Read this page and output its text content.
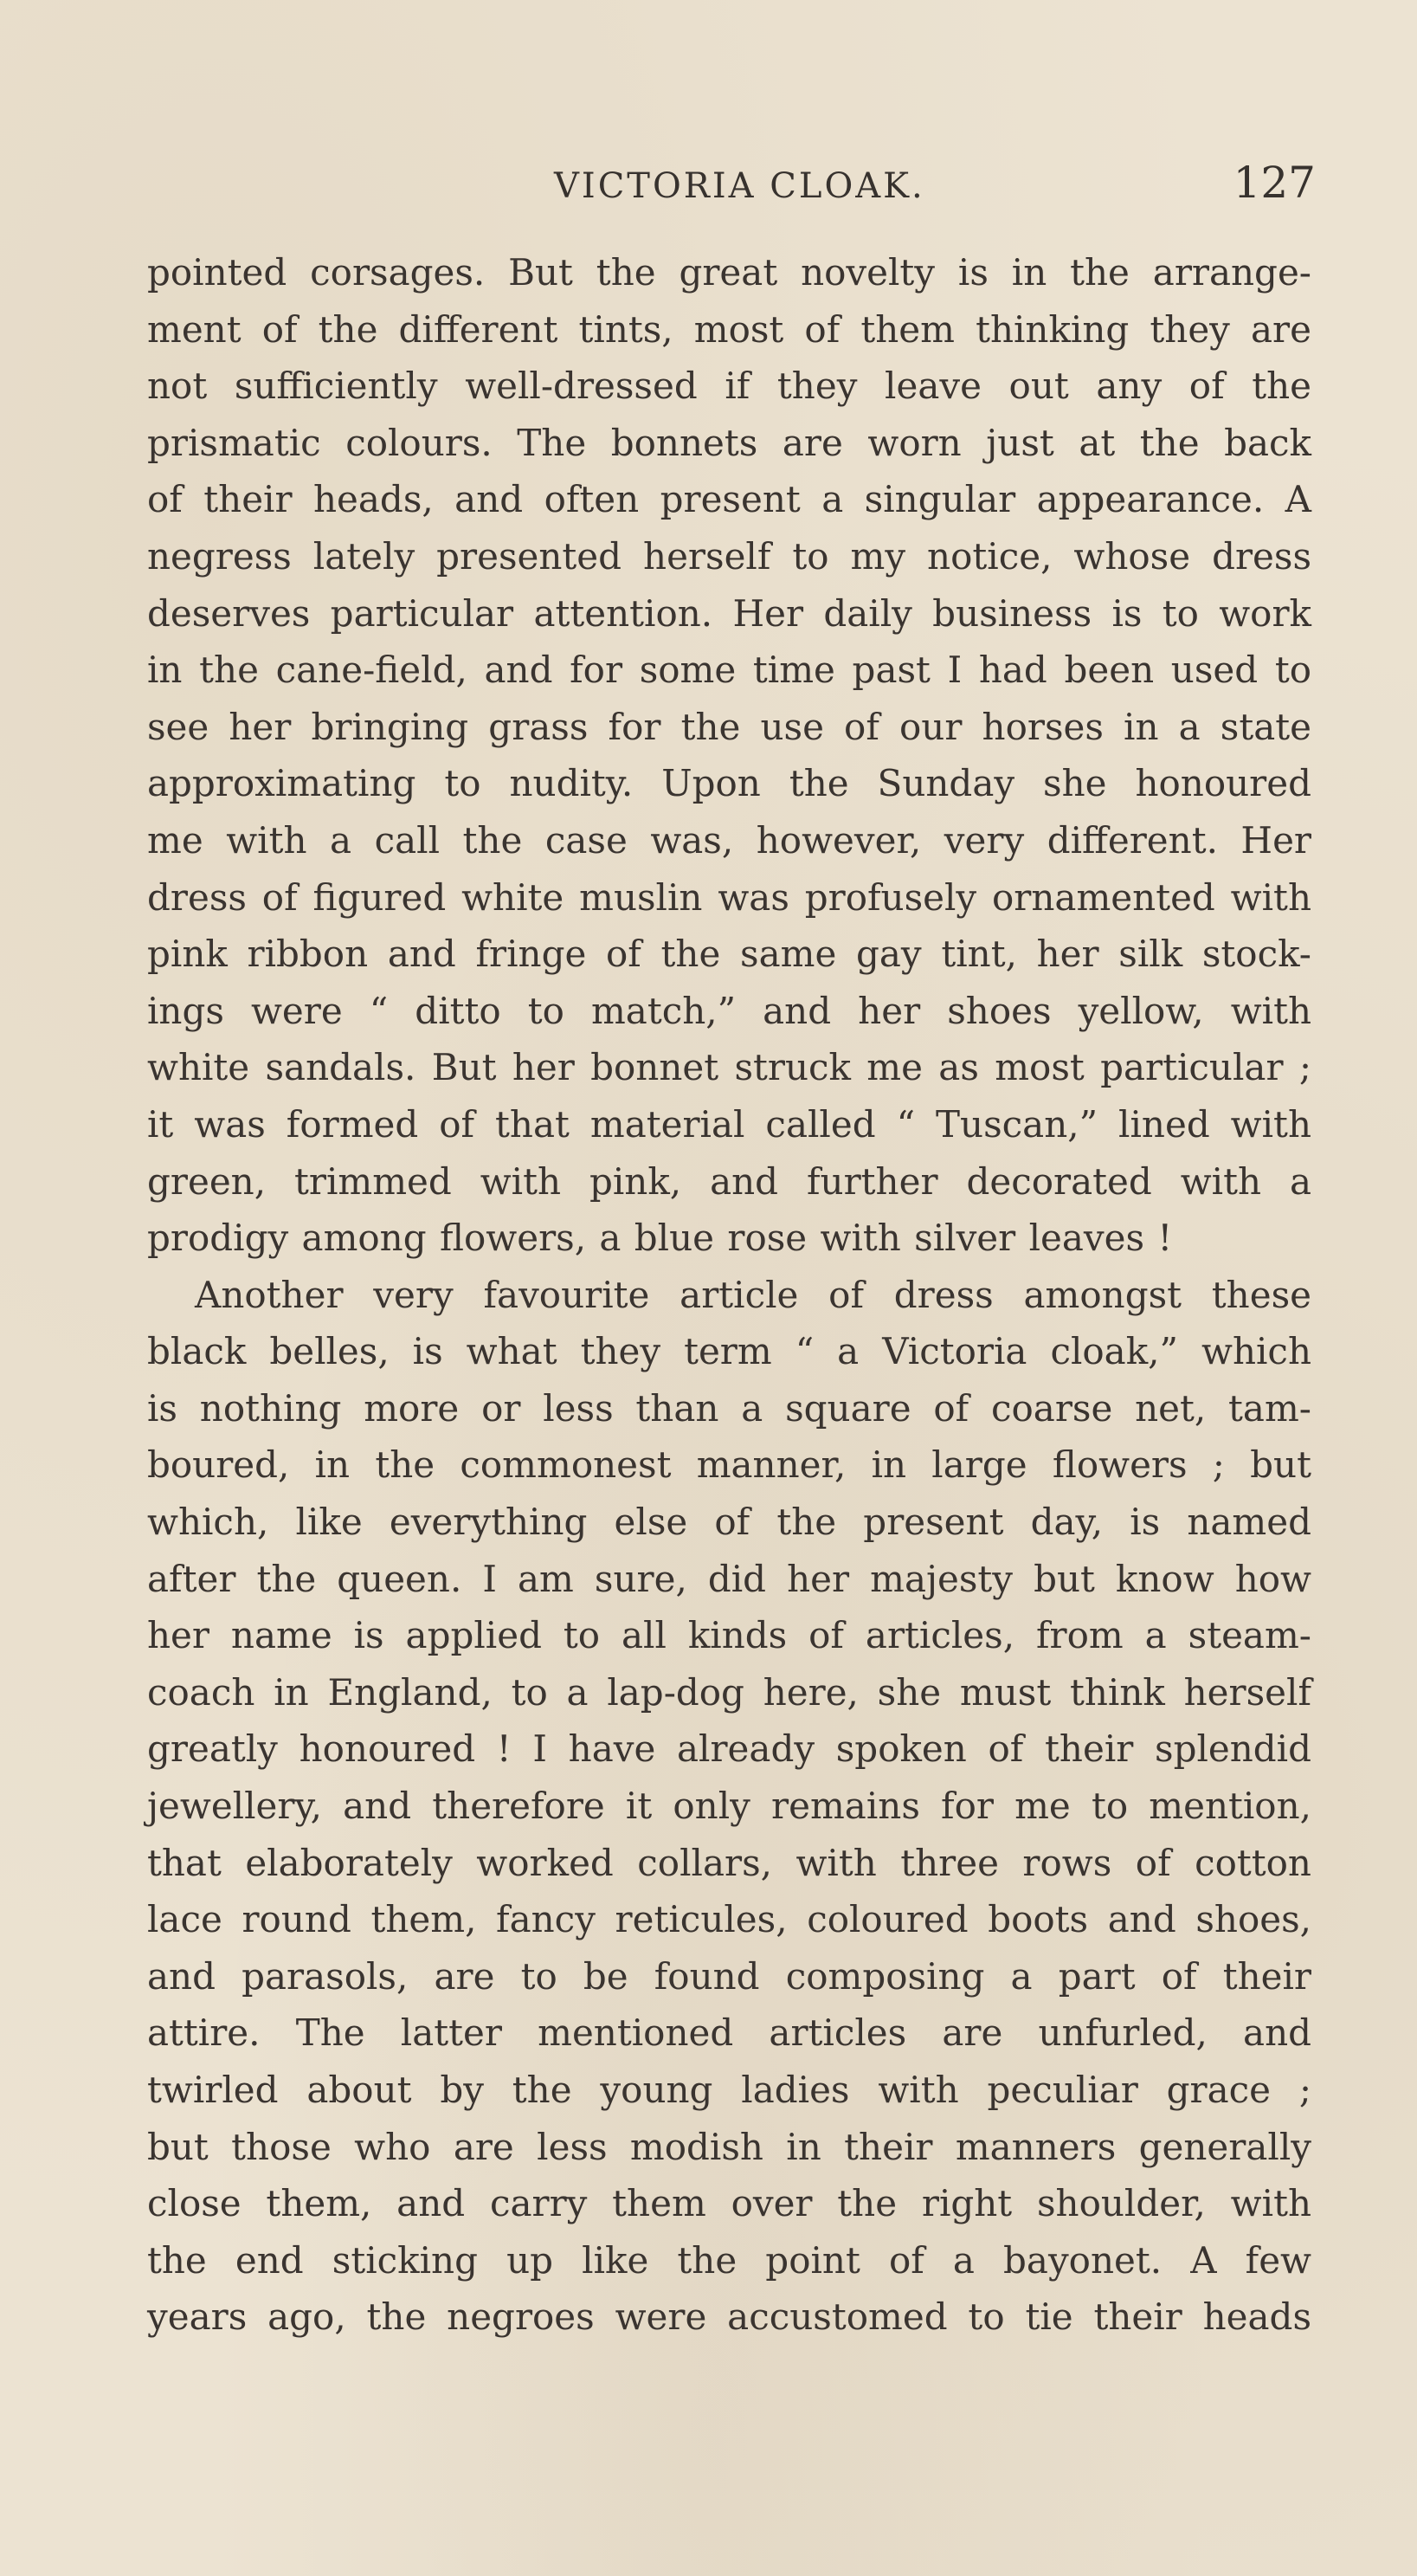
VICTORIA CLOAK.	127
pointed corsages. But the great novelty is in the arrange-
ment of the different tints, most of them thinking they are
not sufficiently well-dressed if they leave out any of the
prismatic colours. The bonnets are worn just at the back
of their heads, and often present a singular appearance. A
negress lately presented herself to my notice, whose dress
deserves particular attention. Her daily business is to work
in the cane-field, and for some time past I had been used to
see her bringing grass for the use of our horses in a state
approximating to nudity. Upon the Sunday she honoured
me with a call the case was, however, very different. Her
dress of figured white muslin was profusely ornamented with
pink ribbon and fringe of the same gay tint, her silk stock-
ings were “ ditto to match,” and her shoes yellow, with
white sandals. But her bonnet struck me as most particular ;
it was formed of that material called “ Tuscan,” lined with
green, trimmed with pink, and further decorated with a
prodigy among flowers, a blue rose with silver leaves !
Another very favourite article of dress amongst these
black belles, is what they term “ a Victoria cloak,” which
is nothing more or less than a square of coarse net, tam-
boured, in the commonest manner, in large flowers ; but
which, like everything else of the present day, is named
after the queen. I am sure, did her majesty but know how
her name is applied to all kinds of articles, from a steam-
coach in England, to a lap-dog here, she must think herself
greatly honoured ! I have already spoken of their splendid
jewellery, and therefore it only remains for me to mention,
that elaborately worked collars, with three rows of cotton
lace round them, fancy reticules, coloured boots and shoes,
and parasols, are to be found composing a part of their
attire. The latter mentioned articles are unfurled, and
twirled about by the young ladies with peculiar grace ;
but those who are less modish in their manners generally
close them, and carry them over the right shoulder, with
the end sticking up like the point of a bayonet. A few
years ago, the negroes were accustomed to tie their heads
